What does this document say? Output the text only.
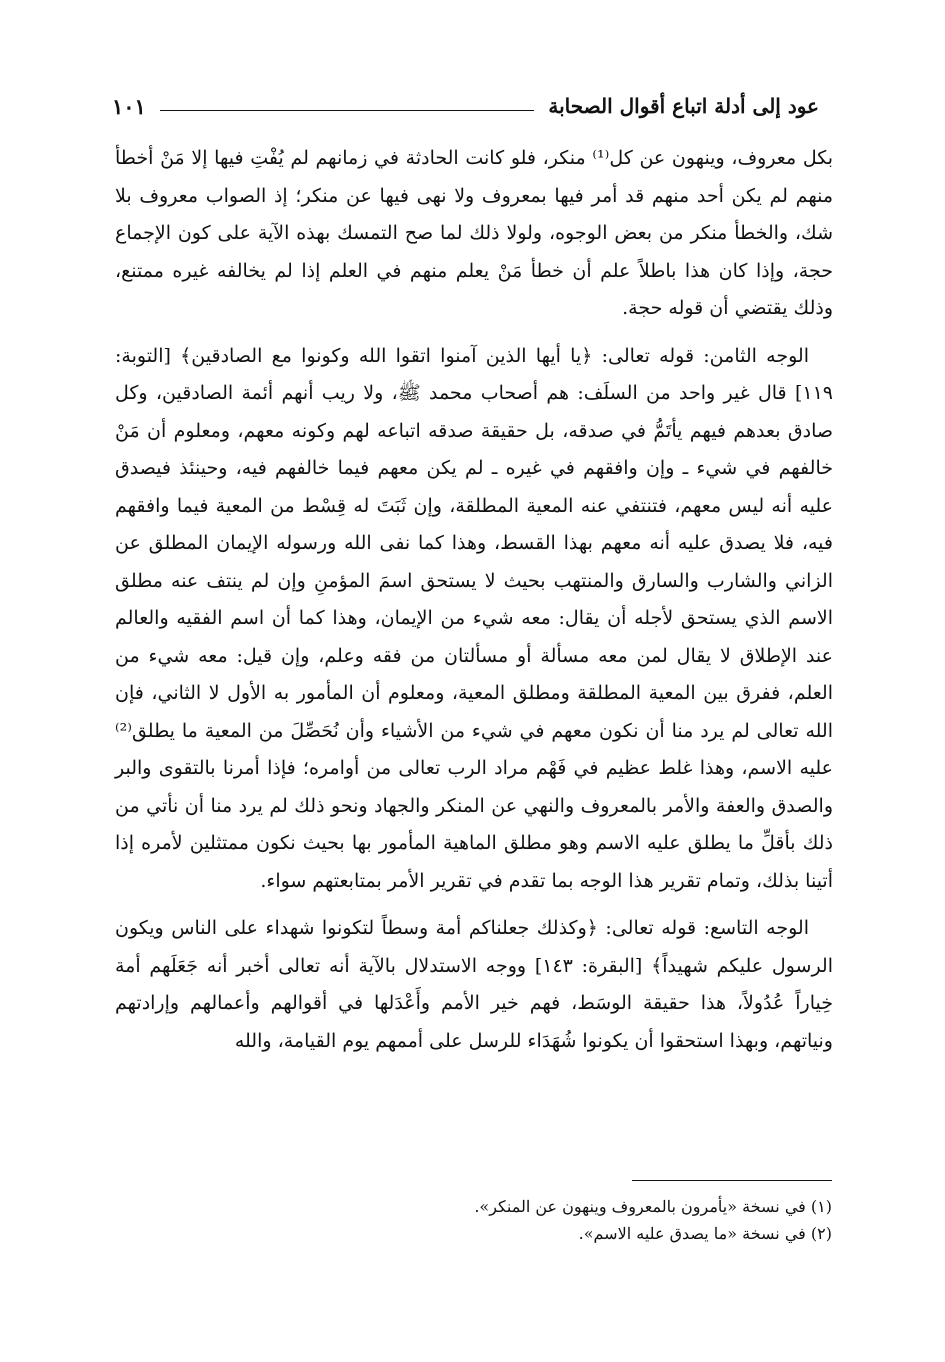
عود إلى أدلة اتباع أقوال الصحابة
١٠١

بكل معروف، وينهون عن كل⁽¹⁾ منكر، فلو كانت الحادثة في زمانهم لم يُفْتِ فيها إلا مَنْ أخطأ منهم لم يكن أحد منهم قد أمر فيها بمعروف ولا نهى فيها عن منكر؛ إذ الصواب معروف بلا شك، والخطأ منكر من بعض الوجوه، ولولا ذلك لما صح التمسك بهذه الآية على كون الإجماع حجة، وإذا كان هذا باطلاً علم أن خطأ مَنْ يعلم منهم في العلم إذا لم يخالفه غيره ممتنع، وذلك يقتضي أن قوله حجة.

الوجه الثامن: قوله تعالى: ﴿يا أيها الذين آمنوا اتقوا الله وكونوا مع الصادقين﴾ [التوبة: ١١٩] قال غير واحد من السلَف: هم أصحاب محمد ﷺ، ولا ريب أنهم أئمة الصادقين، وكل صادق بعدهم فيهم يأتَمُّ في صدقه، بل حقيقة صدقه اتباعه لهم وكونه معهم، ومعلوم أن مَنْ خالفهم في شيء ـ وإن وافقهم في غيره ـ لم يكن معهم فيما خالفهم فيه، وحينئذ فيصدق عليه أنه ليس معهم، فتنتفي عنه المعية المطلقة، وإن ثَبَتَ له قِسْط من المعية فيما وافقهم فيه، فلا يصدق عليه أنه معهم بهذا القسط، وهذا كما نفى الله ورسوله الإيمان المطلق عن الزاني والشارب والسارق والمنتهب بحيث لا يستحق اسمَ المؤمنِ وإن لم ينتف عنه مطلق الاسم الذي يستحق لأجله أن يقال: معه شيء من الإيمان، وهذا كما أن اسم الفقيه والعالم عند الإطلاق لا يقال لمن معه مسألة أو مسألتان من فقه وعلم، وإن قيل: معه شيء من العلم، ففرق بين المعية المطلقة ومطلق المعية، ومعلوم أن المأمور به الأول لا الثاني، فإن الله تعالى لم يرد منا أن نكون معهم في شيء من الأشياء وأن نُحَصِّلَ من المعية ما يطلق⁽²⁾ عليه الاسم، وهذا غلط عظيم في فَهْم مراد الرب تعالى من أوامره؛ فإذا أمرنا بالتقوى والبر والصدق والعفة والأمر بالمعروف والنهي عن المنكر والجهاد ونحو ذلك لم يرد منا أن نأتي من ذلك بأقلِّ ما يطلق عليه الاسم وهو مطلق الماهية المأمور بها بحيث نكون ممتثلين لأمره إذا أتينا بذلك، وتمام تقرير هذا الوجه بما تقدم في تقرير الأمر بمتابعتهم سواء.

الوجه التاسع: قوله تعالى: ﴿وكذلك جعلناكم أمة وسطاً لتكونوا شهداء على الناس ويكون الرسول عليكم شهيداً﴾ [البقرة: ١٤٣] ووجه الاستدلال بالآية أنه تعالى أخبر أنه جَعَلَهم أمة خِياراً عُدُولاً، هذا حقيقة الوسَط، فهم خير الأمم وأَعْدَلها في أقوالهم وأعمالهم وإرادتهم ونياتهم، وبهذا استحقوا أن يكونوا شُهَدَاء للرسل على أممهم يوم القيامة، والله

(١) في نسخة «يأمرون بالمعروف وينهون عن المنكر».
(٢) في نسخة «ما يصدق عليه الاسم».
